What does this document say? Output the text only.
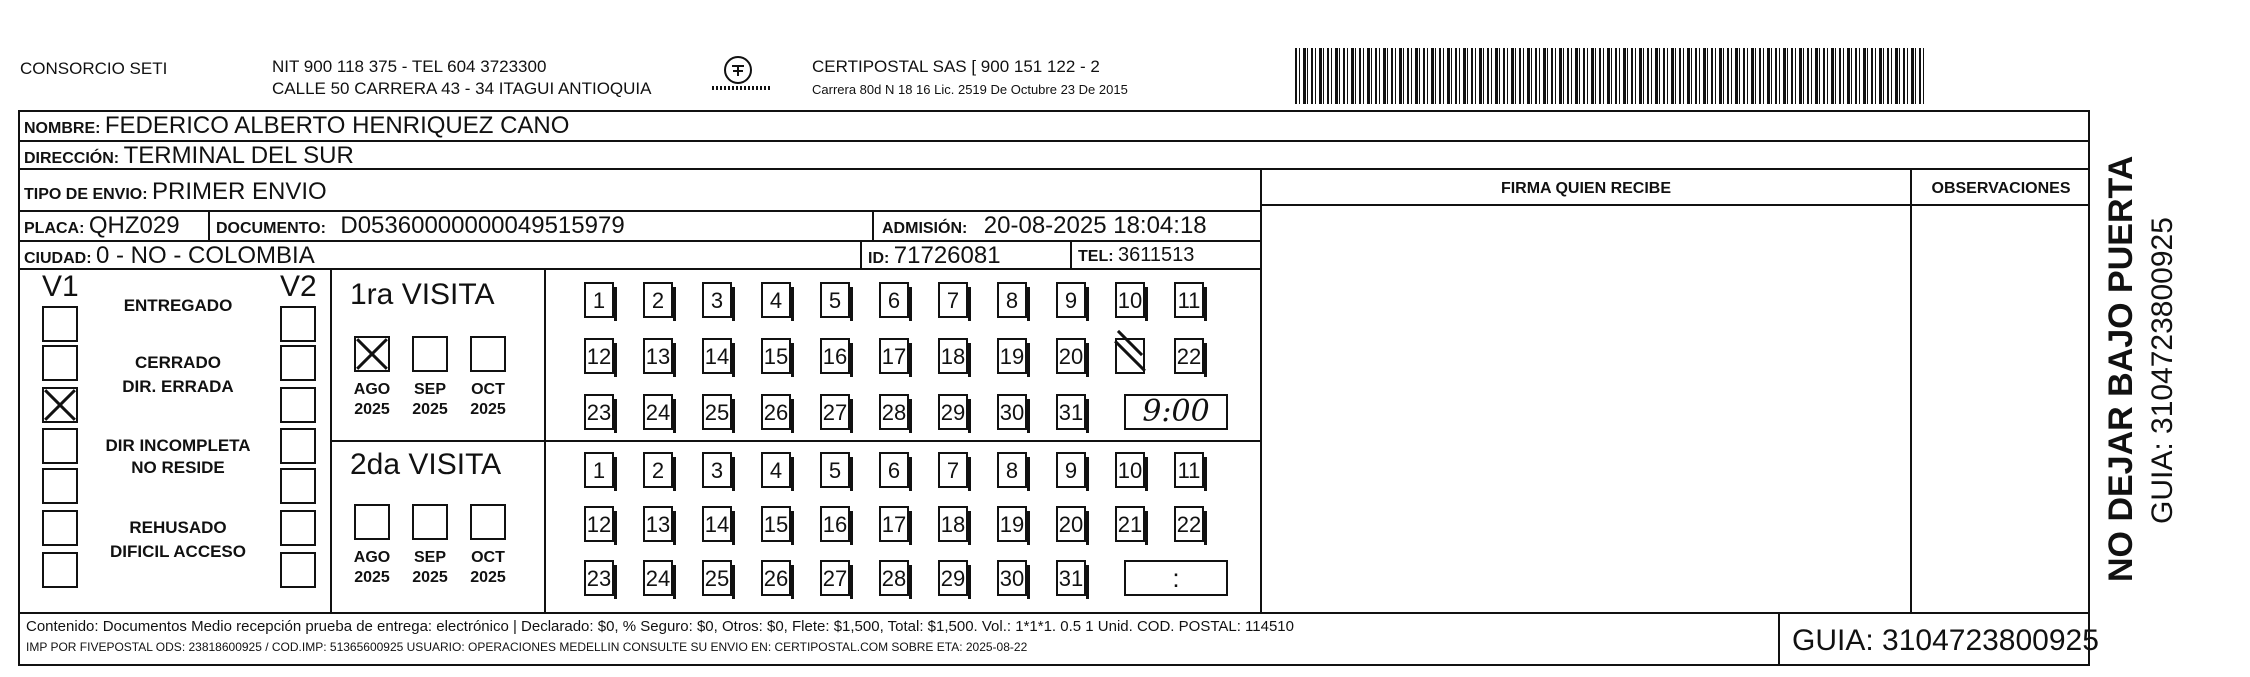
CONSORCIO SETI	NIT 900 118 375 - TEL 604 3723300
CALLE 50 CARRERA 43 - 34 ITAGUI ANTIOQUIA
CERTIPOSTAL SAS [ 900 151 122 - 2
Carrera 80d N 18 16 Lic. 2519 De Octubre 23 De 2015
NOMBRE: FEDERICO ALBERTO HENRIQUEZ CANO
DIRECCIÓN: TERMINAL DEL SUR
TIPO DE ENVIO: PRIMER ENVIO
PLACA: QHZ029 DOCUMENTO: D05360000000049515979	ADMISIÓN: 20-08-2025 18:04:18
CIUDAD: 0 - NO - COLOMBIA	ID: 71726081	TEL: 3611513
FIRMA QUIEN RECIBE	OBSERVACIONES
V1	V2 1ra VISITA
9:00
2da VISITA
:
Contenido: Documentos Medio recepción prueba de entrega: electrónico | Declarado: $0, % Seguro: $0, Otros: $0, Flete: $1,500, Total: $1,500. Vol.: 1*1*1. 0.5 1 Unid. COD. POSTAL: 114510
IMP POR FIVEPOSTAL ODS: 23818600925 / COD.IMP: 51365600925 USUARIO: OPERACIONES MEDELLIN CONSULTE SU ENVIO EN: CERTIPOSTAL.COM SOBRE ETA: 2025-08-22	GUIA: 3104723800925
NO DEJAR BAJO PUERTA GUIA: 3104723800925
ENTREGADO
CERRADO
DIR. ERRADA
DIR INCOMPLETA
NO RESIDE
REHUSADO
DIFICIL ACCESO
AGO
2025
SEP
2025
OCT
2025
AGO
2025
SEP
2025
OCT
2025
1	2	3	4	5	6	7	8	9	10 11
12 13 14 15 16 17 18 19 20	22
23 24 25 26 27 28 29 30 31
1	2	3	4	5	6	7	8	9	10 11
12 13 14 15 16 17 18 19 20 21 22
23 24 25 26 27 28 29 30 31
